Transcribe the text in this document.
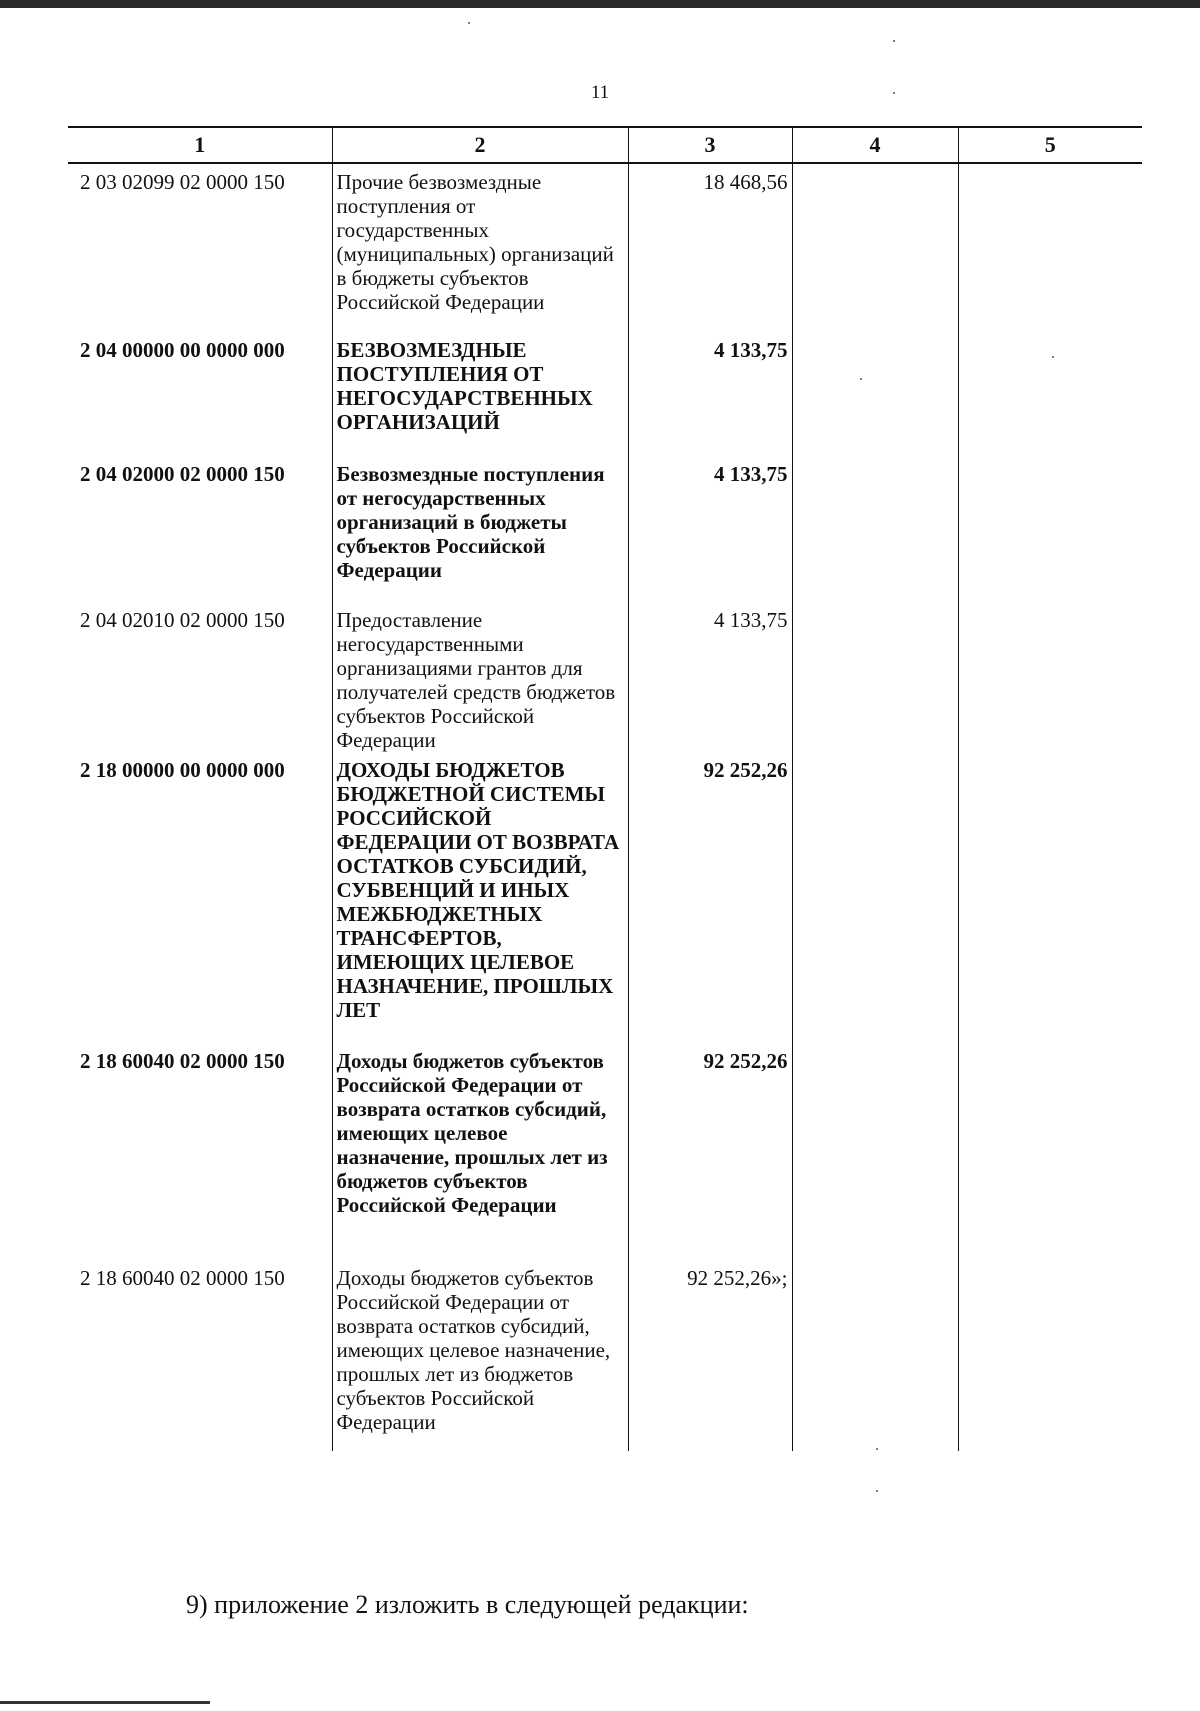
11
1	2	3	4	5
2 03 02099 02 0000 150	Прочие безвозмездные поступления от государственных (муниципальных) организаций в бюджеты субъектов Российской Федерации	18 468,56		
2 04 00000 00 0000 000	БЕЗВОЗМЕЗДНЫЕ ПОСТУПЛЕНИЯ ОТ НЕГОСУДАРСТВЕННЫХ ОРГАНИЗАЦИЙ	4 133,75		
2 04 02000 02 0000 150	Безвозмездные поступления от негосударственных организаций в бюджеты субъектов Российской Федерации	4 133,75		
2 04 02010 02 0000 150	Предоставление негосударственными организациями грантов для получателей средств бюджетов субъектов Российской Федерации	4 133,75		
2 18 00000 00 0000 000	ДОХОДЫ БЮДЖЕТОВ БЮДЖЕТНОЙ СИСТЕМЫ РОССИЙСКОЙ ФЕДЕРАЦИИ ОТ ВОЗВРАТА ОСТАТКОВ СУБСИДИЙ, СУБВЕНЦИЙ И ИНЫХ МЕЖБЮДЖЕТНЫХ ТРАНСФЕРТОВ, ИМЕЮЩИХ ЦЕЛЕВОЕ НАЗНАЧЕНИЕ, ПРОШЛЫХ ЛЕТ	92 252,26		
2 18 60040 02 0000 150	Доходы бюджетов субъектов Российской Федерации от возврата остатков субсидий, имеющих целевое назначение, прошлых лет из бюджетов субъектов Российской Федерации	92 252,26		
2 18 60040 02 0000 150	Доходы бюджетов субъектов Российской Федерации от возврата остатков субсидий, имеющих целевое назначение, прошлых лет из бюджетов субъектов Российской Федерации	92 252,26»;		
9) приложение 2 изложить в следующей редакции:
